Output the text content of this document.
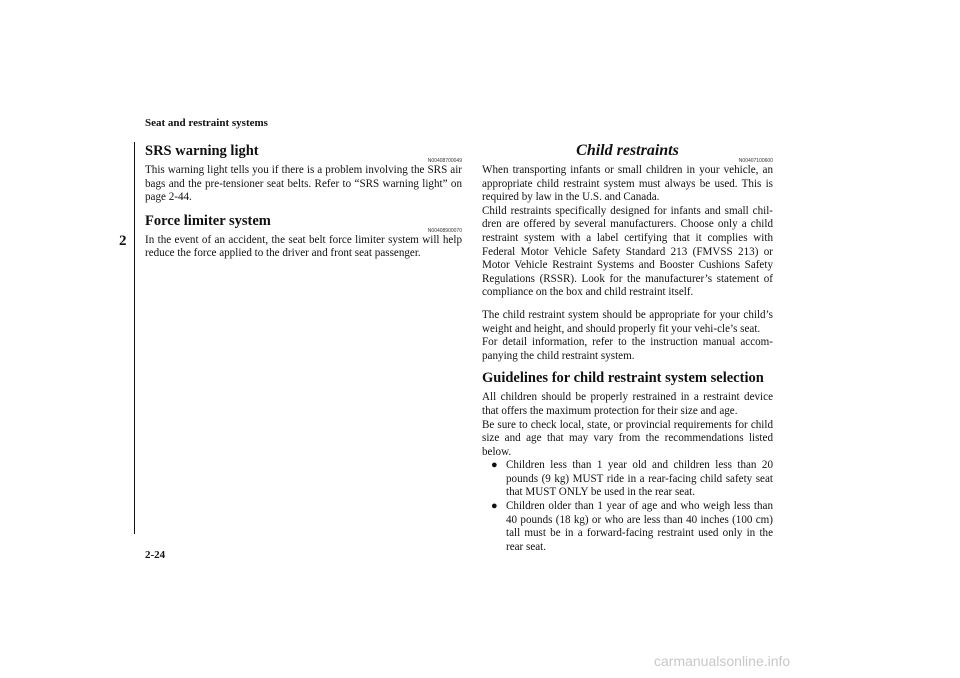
Seat and restraint systems
2
SRS warning light
N00408700049

This warning light tells you if there is a problem involving the SRS air bags and the pre-tensioner seat belts. Refer to “SRS warning light” on page 2-44.

Force limiter system
N00408900070

In the event of an accident, the seat belt force limiter system will help reduce the force applied to the driver and front seat passenger.

Child restraints
N00407100600

When transporting infants or small children in your vehicle, an appropriate child restraint system must always be used. This is required by law in the U.S. and Canada.

Child restraints specifically designed for infants and small chil-dren are offered by several manufacturers. Choose only a child restraint system with a label certifying that it complies with Federal Motor Vehicle Safety Standard 213 (FMVSS 213) or Motor Vehicle Restraint Systems and Booster Cushions Safety Regulations (RSSR). Look for the manufacturer’s statement of compliance on the box and child restraint itself.

The child restraint system should be appropriate for your child’s weight and height, and should properly fit your vehi-cle’s seat.

For detail information, refer to the instruction manual accom-panying the child restraint system.

Guidelines for child restraint system selection

All children should be properly restrained in a restraint device that offers the maximum protection for their size and age.

Be sure to check local, state, or provincial requirements for child size and age that may vary from the recommendations listed below.

● Children less than 1 year old and children less than 20 pounds (9 kg) MUST ride in a rear-facing child safety seat that MUST ONLY be used in the rear seat.

● Children older than 1 year of age and who weigh less than 40 pounds (18 kg) or who are less than 40 inches (100 cm) tall must be in a forward-facing restraint used only in the rear seat.

2-24
carmanualsonline.info
